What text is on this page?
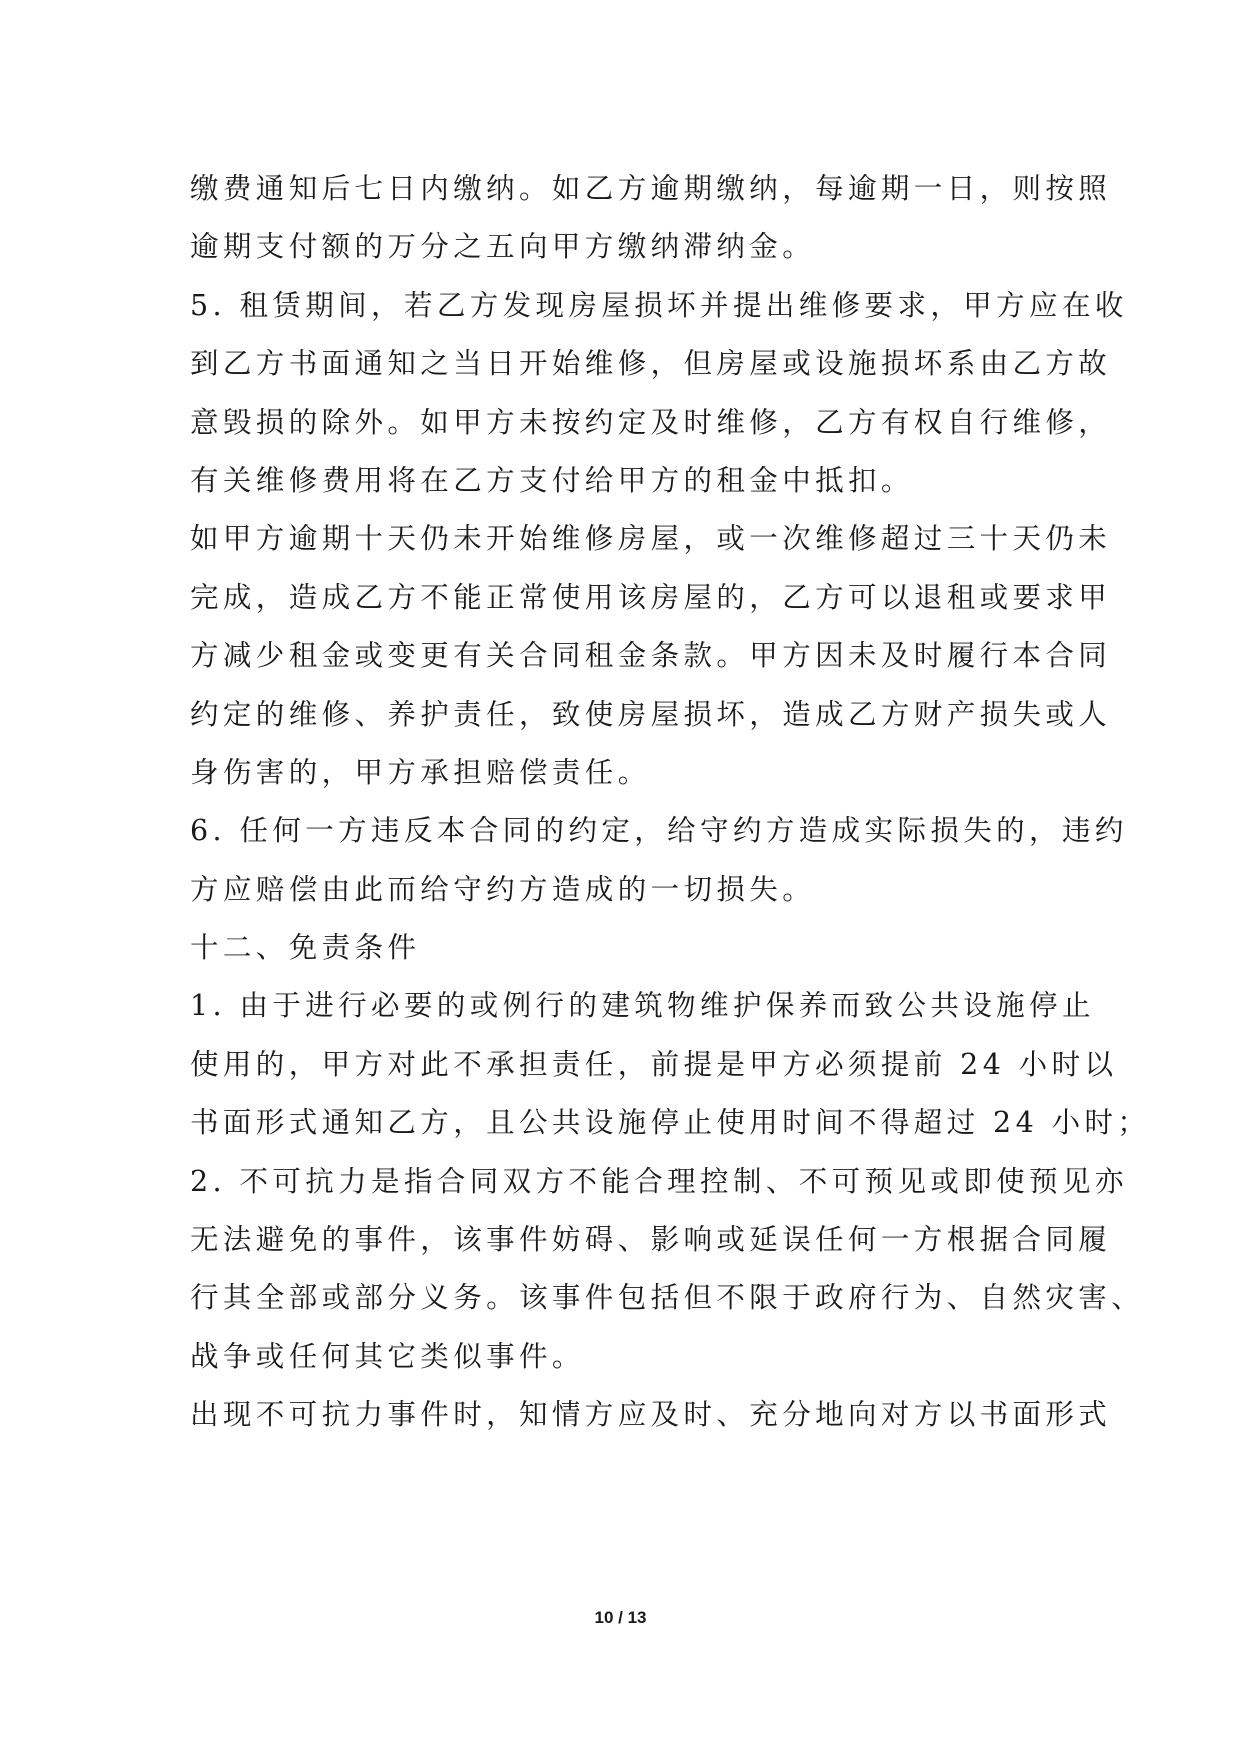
缴费通知后七日内缴纳。如乙方逾期缴纳，每逾期一日，则按照
逾期支付额的万分之五向甲方缴纳滞纳金。
5. 租赁期间，若乙方发现房屋损坏并提出维修要求，甲方应在收
到乙方书面通知之当日开始维修，但房屋或设施损坏系由乙方故
意毁损的除外。如甲方未按约定及时维修，乙方有权自行维修，
有关维修费用将在乙方支付给甲方的租金中抵扣。
如甲方逾期十天仍未开始维修房屋，或一次维修超过三十天仍未
完成，造成乙方不能正常使用该房屋的，乙方可以退租或要求甲
方减少租金或变更有关合同租金条款。甲方因未及时履行本合同
约定的维修、养护责任，致使房屋损坏，造成乙方财产损失或人
身伤害的，甲方承担赔偿责任。
6. 任何一方违反本合同的约定，给守约方造成实际损失的，违约
方应赔偿由此而给守约方造成的一切损失。
十二、免责条件
1. 由于进行必要的或例行的建筑物维护保养而致公共设施停止
使用的，甲方对此不承担责任，前提是甲方必须提前 24 小时以
书面形式通知乙方，且公共设施停止使用时间不得超过 24 小时；
2. 不可抗力是指合同双方不能合理控制、不可预见或即使预见亦
无法避免的事件，该事件妨碍、影响或延误任何一方根据合同履
行其全部或部分义务。该事件包括但不限于政府行为、自然灾害、
战争或任何其它类似事件。
出现不可抗力事件时，知情方应及时、充分地向对方以书面形式
10 / 13
